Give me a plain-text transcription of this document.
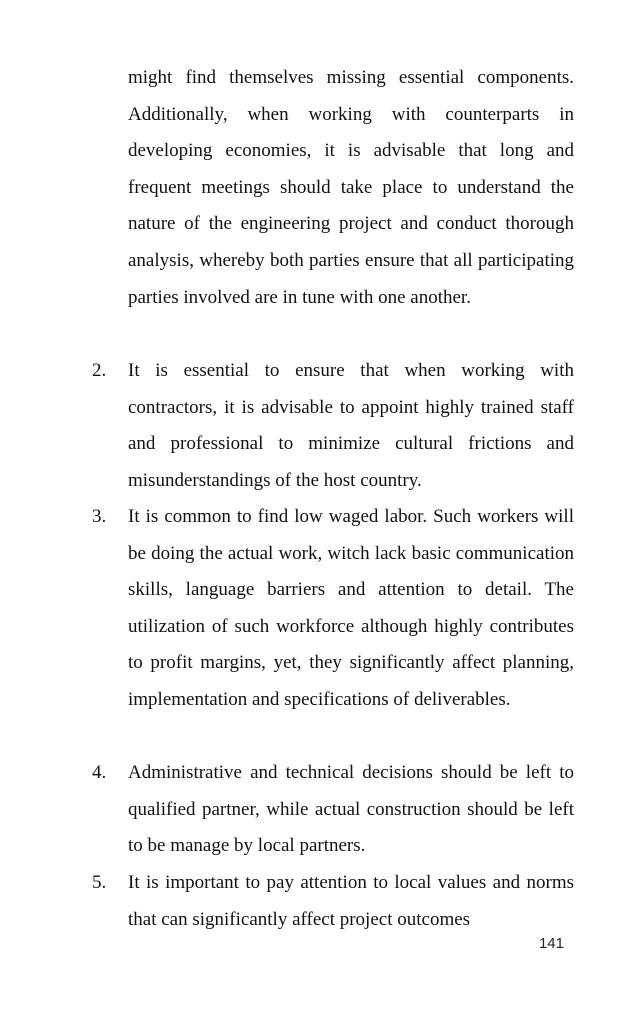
might find themselves missing essential components. Additionally, when working with counterparts in developing economies, it is advisable that long and frequent meetings should take place to understand the nature of the engineering project and conduct thorough analysis, whereby both parties ensure that all participating parties involved are in tune with one another.

2. It is essential to ensure that when working with contractors, it is advisable to appoint highly trained staff and professional to minimize cultural frictions and misunderstandings of the host country.

3. It is common to find low waged labor. Such workers will be doing the actual work, witch lack basic communication skills, language barriers and attention to detail. The utilization of such workforce although highly contributes to profit margins, yet, they significantly affect planning, implementation and specifications of deliverables.

4. Administrative and technical decisions should be left to qualified partner, while actual construction should be left to be manage by local partners.

5. It is important to pay attention to local values and norms that can significantly affect project outcomes

141
